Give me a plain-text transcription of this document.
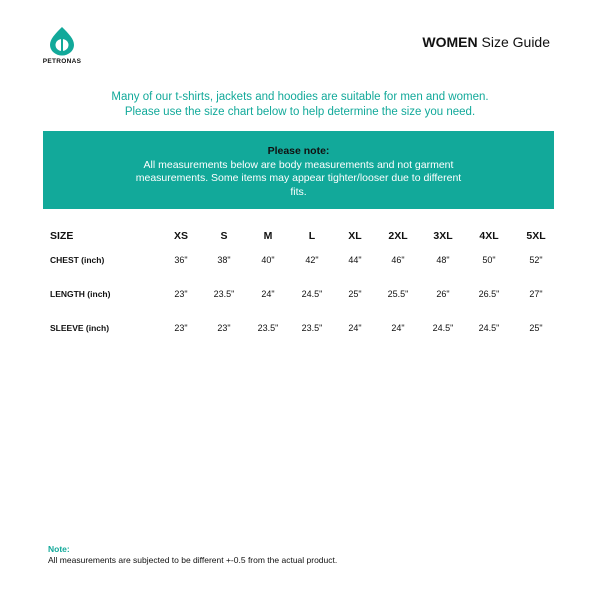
PETRONAS
WOMEN Size Guide
Many of our t-shirts, jackets and hoodies are suitable for men and women.
Please use the size chart below to help determine the size you need.
Please note:
All measurements below are body measurements and not garment measurements. Some items may appear tighter/looser due to different fits.
SIZE	XS	S	M	L	XL	2XL	3XL	4XL	5XL
CHEST (inch)	36"	38"	40"	42"	44"	46"	48"	50"	52"
LENGTH (inch)	23"	23.5"	24"	24.5"	25"	25.5"	26"	26.5"	27"
SLEEVE (inch)	23"	23"	23.5"	23.5"	24"	24"	24.5"	24.5"	25"
Note:
All measurements are subjected to be different +-0.5 from the actual product.
